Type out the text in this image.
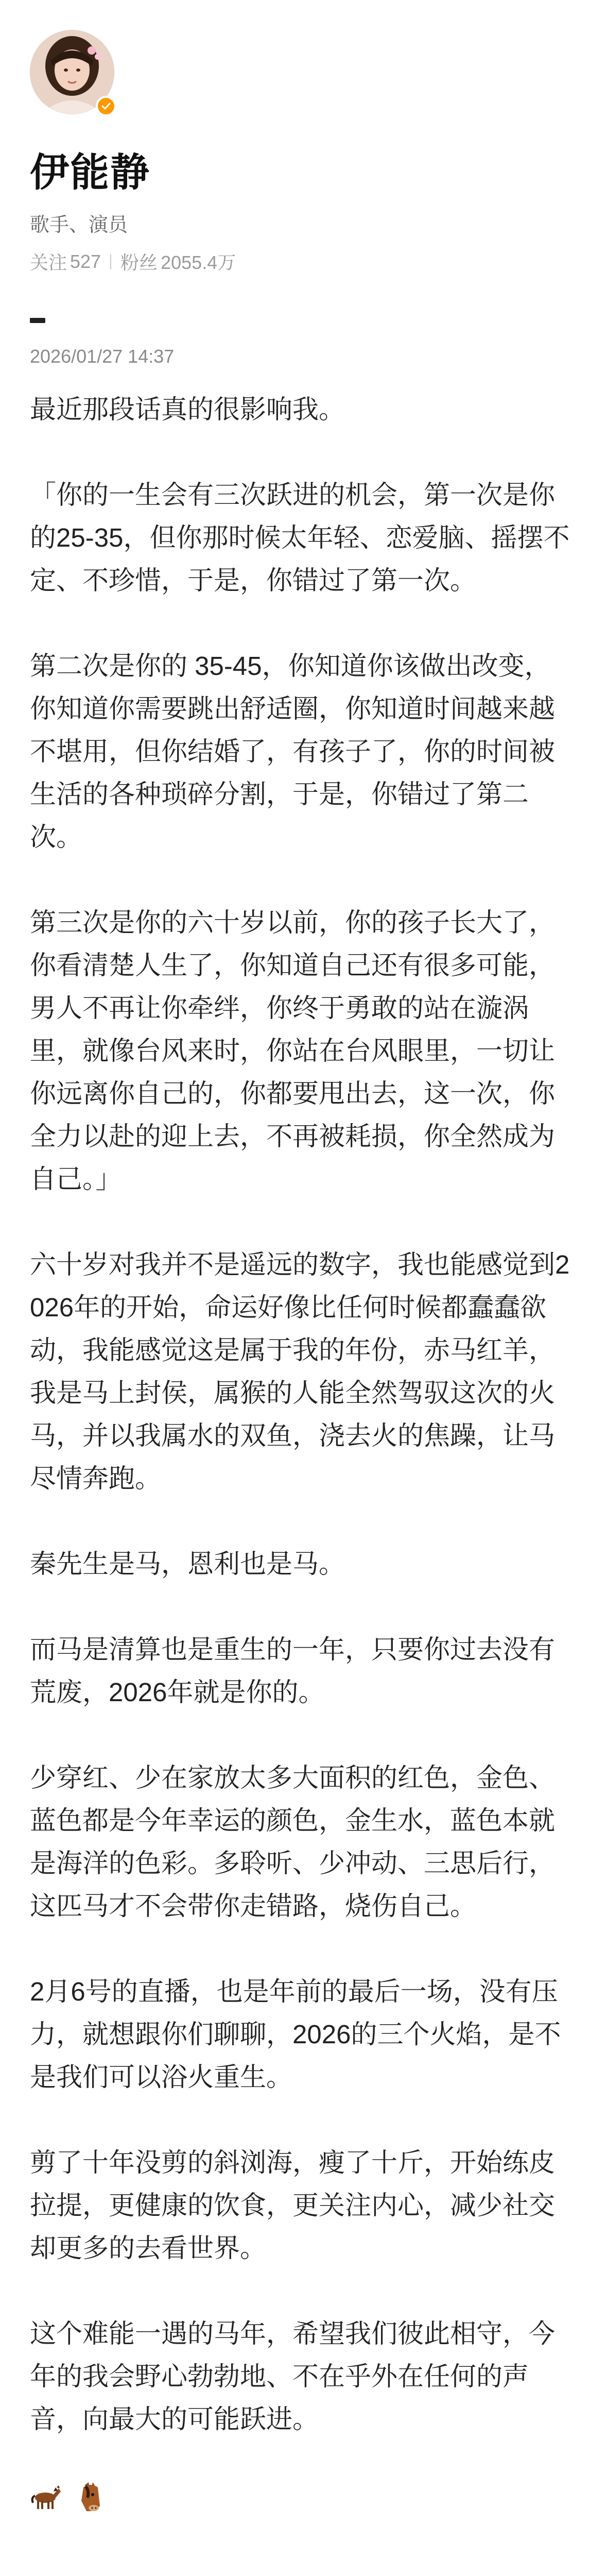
伊能静
歌手、演员
关注 527 粉丝 2055.4万
2026/01/27 14:37

最近那段话真的很影响我。

「你的一生会有三次跃进的机会，第一次是你的25-35，但你那时候太年轻、恋爱脑、摇摆不定、不珍惜，于是，你错过了第一次。

第二次是你的 35-45，你知道你该做出改变，你知道你需要跳出舒适圈，你知道时间越来越不堪用，但你结婚了，有孩子了，你的时间被生活的各种琐碎分割，于是，你错过了第二次。

第三次是你的六十岁以前，你的孩子长大了，你看清楚人生了，你知道自己还有很多可能，男人不再让你牵绊，你终于勇敢的站在漩涡里，就像台风来时，你站在台风眼里，一切让你远离你自己的，你都要甩出去，这一次，你全力以赴的迎上去，不再被耗损，你全然成为自己。」

六十岁对我并不是遥远的数字，我也能感觉到2026年的开始，命运好像比任何时候都蠢蠢欲动，我能感觉这是属于我的年份，赤马红羊，我是马上封侯，属猴的人能全然驾驭这次的火马，并以我属水的双鱼，浇去火的焦躁，让马尽情奔跑。

秦先生是马，恩利也是马。

而马是清算也是重生的一年，只要你过去没有荒废，2026年就是你的。

少穿红、少在家放太多大面积的红色，金色、蓝色都是今年幸运的颜色，金生水，蓝色本就是海洋的色彩。多聆听、少冲动、三思后行，这匹马才不会带你走错路，烧伤自己。

2月6号的直播，也是年前的最后一场，没有压力，就想跟你们聊聊，2026的三个火焰，是不是我们可以浴火重生。

剪了十年没剪的斜浏海，瘦了十斤，开始练皮拉提，更健康的饮食，更关注内心，减少社交却更多的去看世界。

这个难能一遇的马年，希望我们彼此相守，今年的我会野心勃勃地、不在乎外在任何的声音，向最大的可能跃进。
